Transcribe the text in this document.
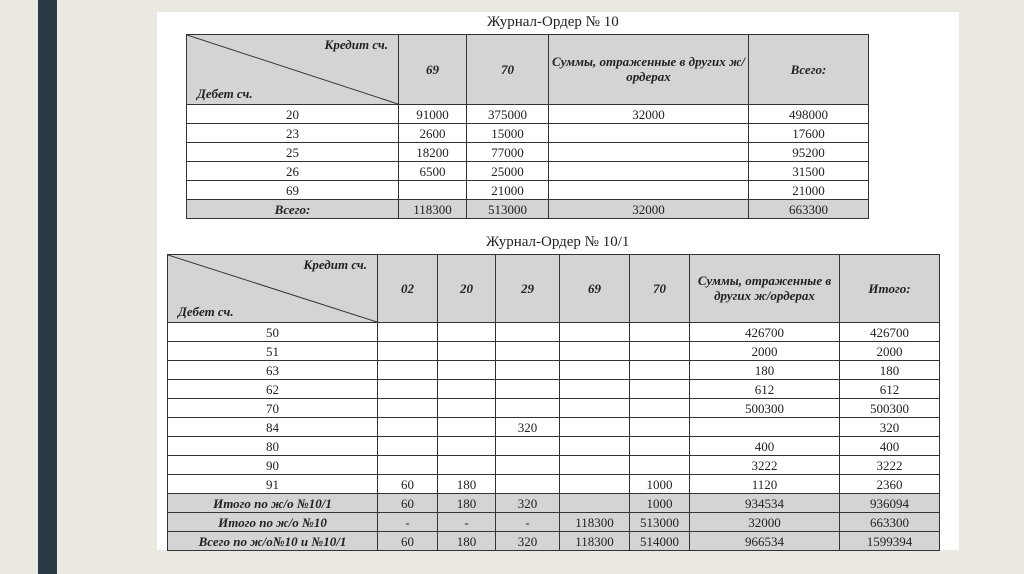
Журнал-Ордер № 10
Кредит сч.
Дебет сч.	69	70	Суммы, отраженные в других ж/ордерах	Всего:
20	91000	375000	32000	498000
23	2600	15000		17600
25	18200	77000		95200
26	6500	25000		31500
69		21000		21000
Всего:	118300	513000	32000	663300
Журнал-Ордер № 10/1
Кредит сч.
Дебет сч.	02	20	29	69	70	Суммы, отраженные в других ж/ордерах	Итого:
50						426700	426700
51						2000	2000
63						180	180
62						612	612
70						500300	500300
84			320				320
80						400	400
90						3222	3222
91	60	180			1000	1120	2360
Итого по ж/о №10/1	60	180	320		1000	934534	936094
Итого по ж/о №10	-	-	-	118300	513000	32000	663300
Всего по ж/о№10 и №10/1	60	180	320	118300	514000	966534	1599394
